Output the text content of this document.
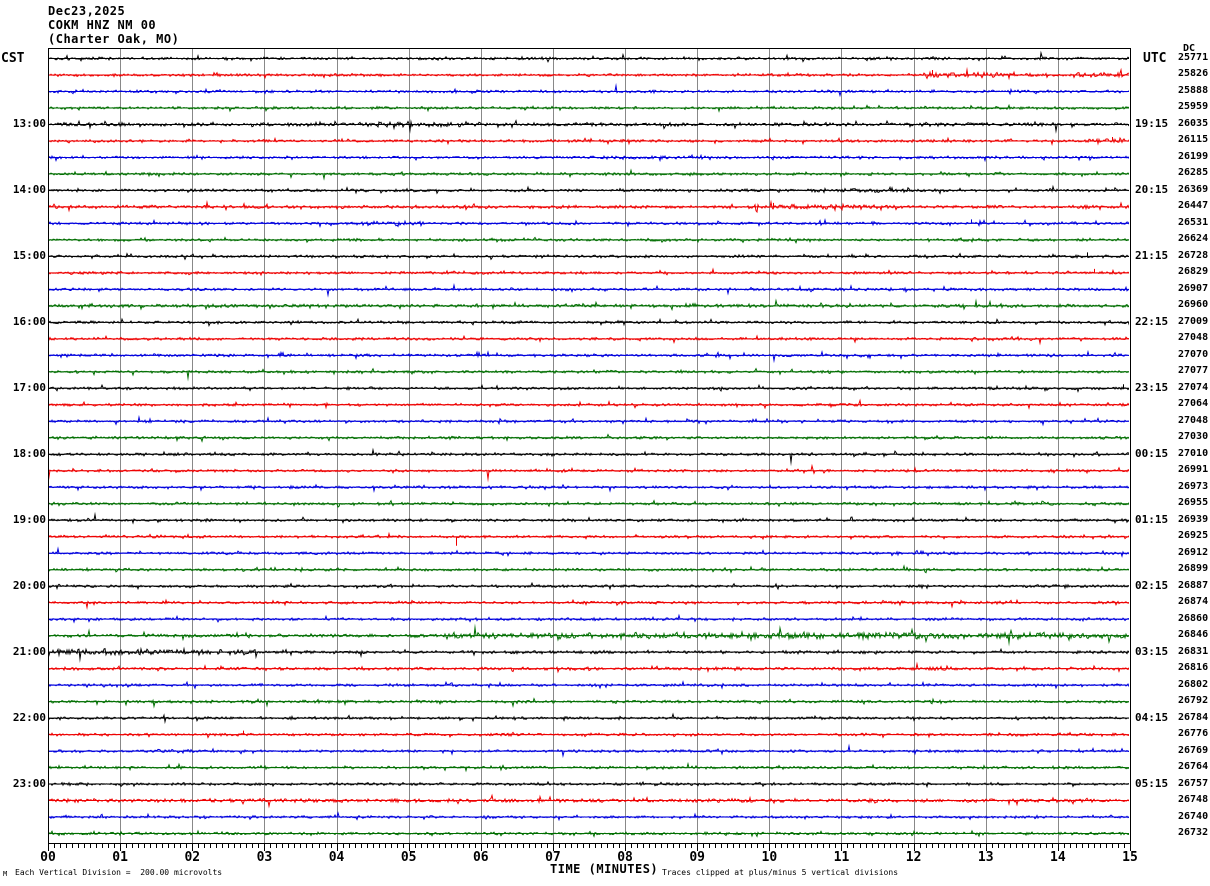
Dec23,2025
COKM HNZ NM 00
(Charter Oak, MO)
CST	UTC
DC
25771
25826
25888
25959
13:00	19:15 26035
26115
26199
26285
14:00	20:15 26369
26447
26531
26624
15:00	21:15 26728
26829
26907
26960
16:00	22:15 27009
27048
27070
27077
17:00	23:15 27074
27064
27048
27030
18:00	00:15 27010
26991
26973
26955
19:00	01:15 26939
26925
26912
26899
20:00	02:15 26887
26874
26860
26846
21:00	03:15 26831
26816
26802
26792
22:00	04:15 26784
26776
26769
26764
23:00	05:15 26757
26748
26740
26732
00	01	02	03	04	05	06	07	08	09	10	11	12	13	14	15
M Each Vertical Division =  200.00 microvolts	TIME (MINUTES) Traces clipped at plus/minus 5 vertical divisions
